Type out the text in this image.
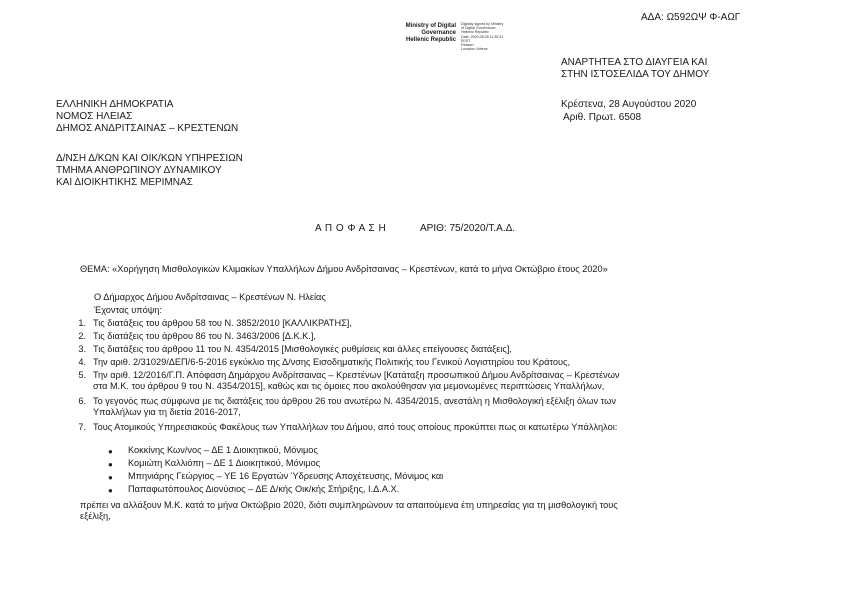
ΑΔΑ: Ω592ΩΨ Φ-ΑΩΓ
Ministry of Digital
Governance
Hellenic Republic
Digitally signed by Ministry
of Digital Governance,
Hellenic Republic
Date: 2020.08.28 11:35:31
EEST
Reason:
Location: Athens
ΑΝΑΡΤΗΤΕΑ ΣΤΟ ΔΙΑΥΓΕΙΑ ΚΑΙ
ΣΤΗΝ ΙΣΤΟΣΕΛΙΔΑ ΤΟΥ ΔΗΜΟΥ
ΕΛΛΗΝΙΚΗ ΔΗΜΟΚΡΑΤΙΑ
ΝΟΜΟΣ ΗΛΕΙΑΣ
ΔΗΜΟΣ ΑΝΔΡΙΤΣΑΙΝΑΣ – ΚΡΕΣΤΕΝΩΝ
Κρέστενα, 28 Αυγούστου 2020
Αριθ. Πρωτ. 6508
Δ/ΝΣΗ Δ/ΚΩΝ ΚΑΙ ΟΙΚ/ΚΩΝ ΥΠΗΡΕΣΙΩΝ
ΤΜΗΜΑ ΑΝΘΡΩΠΙΝΟΥ ΔΥΝΑΜΙΚΟΥ
ΚΑΙ ΔΙΟΙΚΗΤΙΚΗΣ ΜΕΡΙΜΝΑΣ
Α Π Ο Φ Α Σ Η	ΑΡΙΘ: 75/2020/Τ.Α.Δ.
ΘΕΜΑ: «Χορήγηση Μισθολογικών Κλιμακίων Υπαλλήλων Δήμου Ανδρίτσαινας – Κρεστένων, κατά το μήνα Οκτώβριο έτους 2020»
Ο Δήμαρχος Δήμου Ανδρίτσαινας – Κρεστένων Ν. Ηλείας
Έχοντας υπόψη:
1. Τις διατάξεις του άρθρου 58 του Ν. 3852/2010 [ΚΑΛΛΙΚΡΑΤΗΣ],
2. Τις διατάξεις του άρθρου 86 του Ν. 3463/2006 [Δ.Κ.Κ.],
3. Τις διατάξεις του άρθρου 11 του Ν. 4354/2015 [Μισθολογικές ρυθμίσεις και άλλες επείγουσες διατάξεις],
4. Την αριθ. 2/31029/ΔΕΠ/6-5-2016 εγκύκλιο της Δ/νσης Εισοδηματικής Πολιτικής του Γενικού Λογιστηρίου του Κράτους,
5. Την αριθ. 12/2016/Γ.Π. Απόφαση Δημάρχου Ανδρίτσαινας – Κρεστένων [Κατάταξη προσωπικού Δήμου Ανδρίτσαινας – Κρεστένων
στα Μ.Κ. του άρθρου 9 του Ν. 4354/2015], καθώς και τις όμοιες που ακολούθησαν για μεμονωμένες περιπτώσεις Υπαλλήλων,
6. Το γεγονός πως σύμφωνα με τις διατάξεις του άρθρου 26 του ανωτέρω Ν. 4354/2015, ανεστάλη η Μισθολογική εξέλιξη όλων των
Υπαλλήλων για τη διετία 2016-2017,
7. Τους Ατομικούς Υπηρεσιακούς Φακέλους των Υπαλλήλων του Δήμου, από τους οποίους προκύπτει πως οι κατωτέρω Υπάλληλοι:
● Κοκκίνης Κων/νος – ΔΕ 1 Διοικητικού, Μόνιμος
● Κομιώτη Καλλιόπη – ΔΕ 1 Διοικητικού, Μόνιμος
● Μπηνιάρης Γεώργιος – ΥΕ 16 Εργατών Ύδρευσης Αποχέτευσης, Μόνιμος και
● Παπαφωτόπουλος Διονύσιος – ΔΕ Δ/κής Οικ/κής Στήριξης, Ι.Δ.Α.Χ.
πρέπει να αλλάξουν Μ.Κ. κατά το μήνα Οκτώβριο 2020, διότι συμπληρώνουν τα απαιτούμενα έτη υπηρεσίας για τη μισθολογική τους
εξέλιξη,
